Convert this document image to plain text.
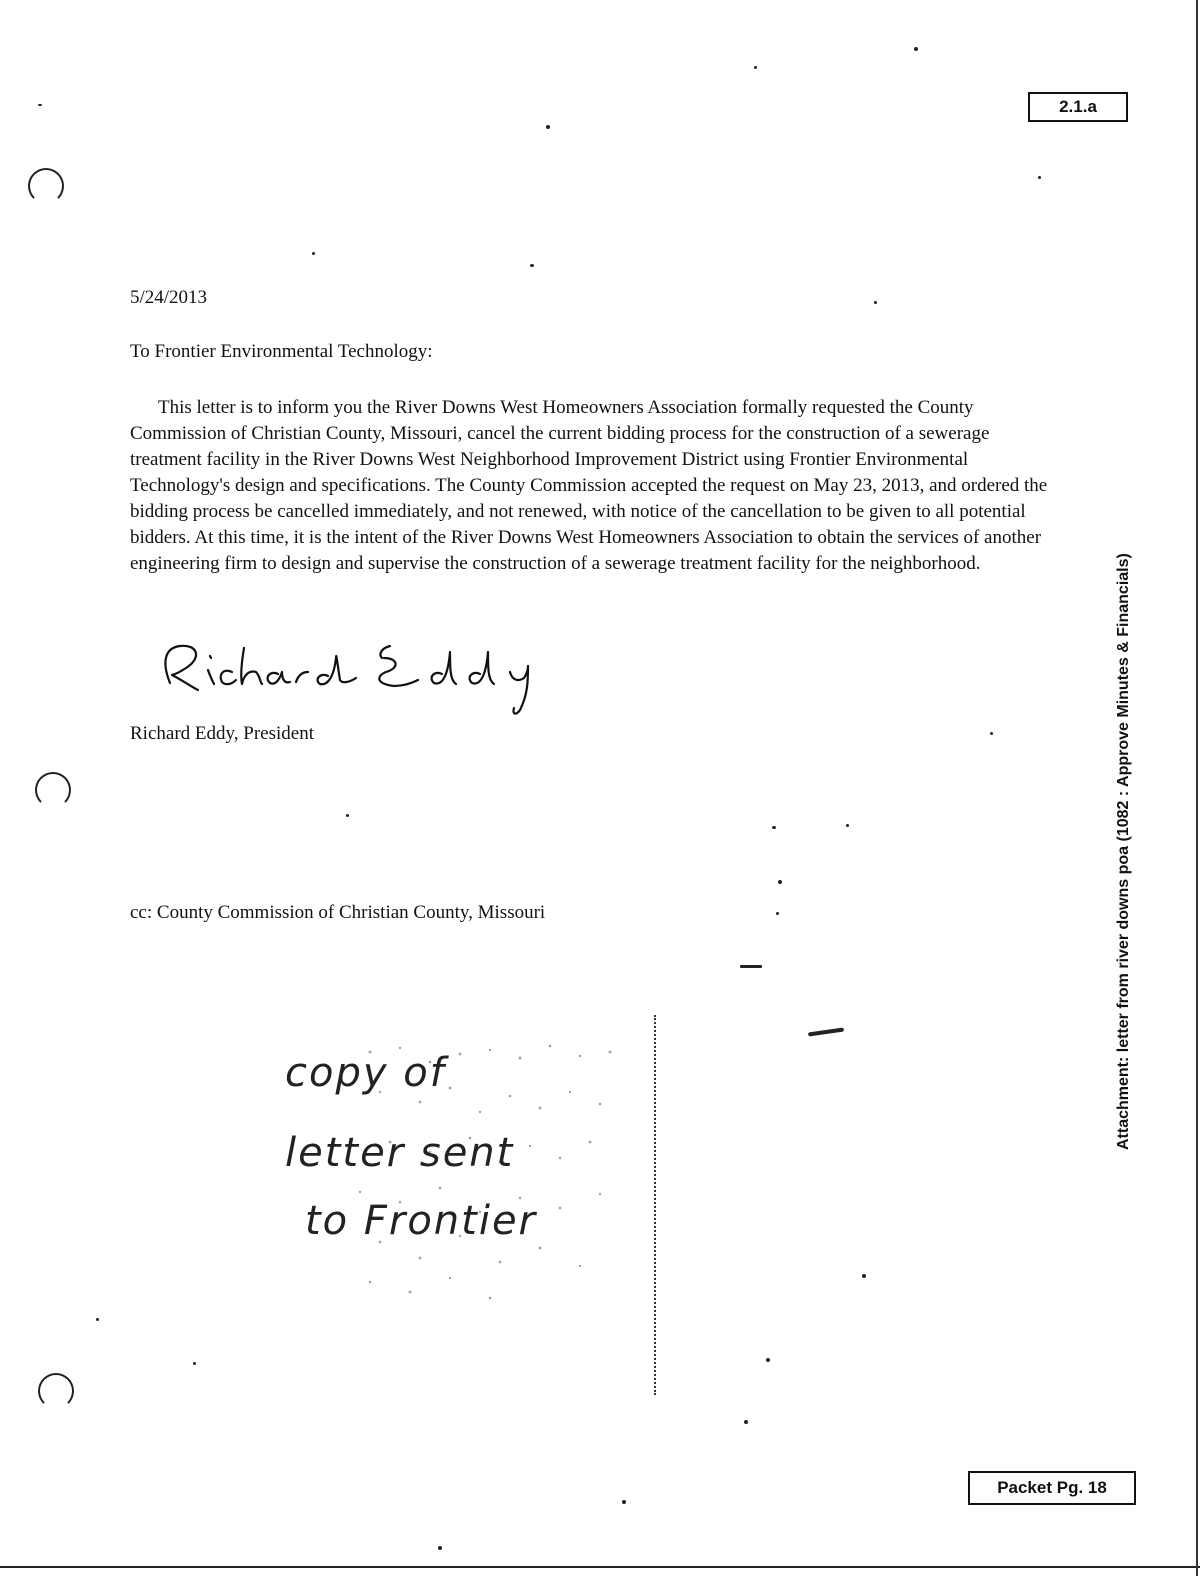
2.1.a
5/24/2013
To Frontier Environmental Technology:
This letter is to inform you the River Downs West Homeowners Association formally requested the County Commission of Christian County, Missouri, cancel the current bidding process for the construction of a sewerage treatment facility in the River Downs West Neighborhood Improvement District using Frontier Environmental Technology's design and specifications. The County Commission accepted the request on May 23, 2013, and ordered the bidding process be cancelled immediately, and not renewed, with notice of the cancellation to be given to all potential bidders. At this time, it is the intent of the River Downs West Homeowners Association to obtain the services of another engineering firm to design and supervise the construction of a sewerage treatment facility for the neighborhood.
Richard Eddy, President
cc: County Commission of Christian County, Missouri	Attachment: letter from river downs poa (1082 : Approve Minutes & Financials)
copy of
letter sent
to Frontier
Packet Pg. 18
